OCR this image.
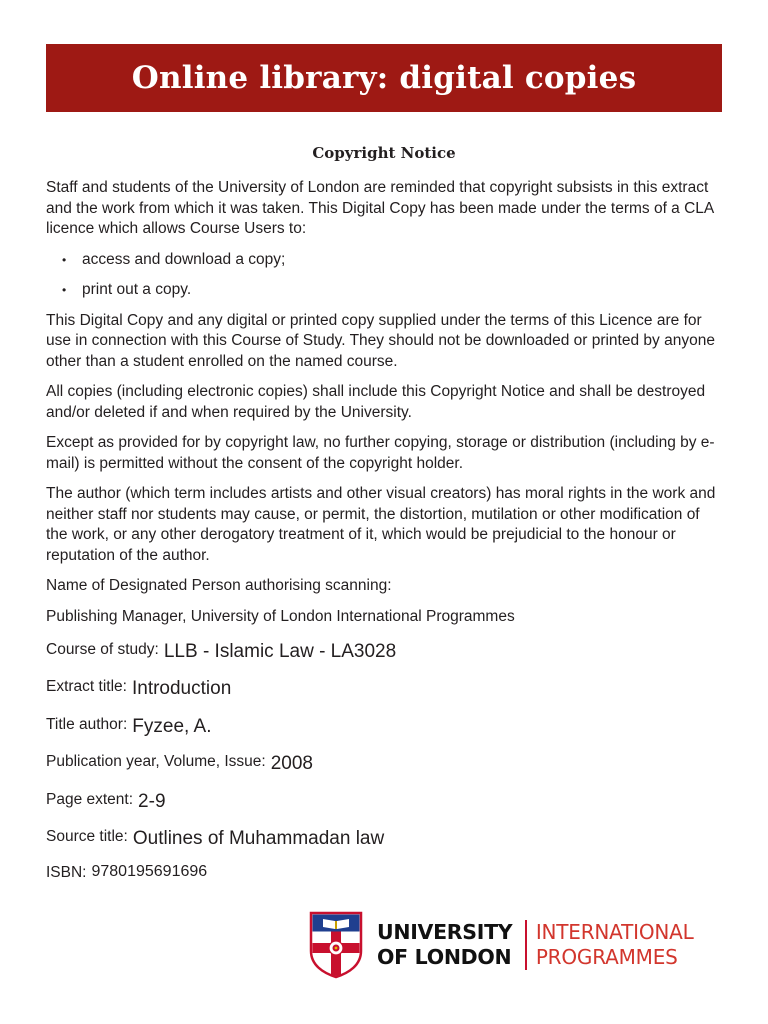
Online library: digital copies
Copyright Notice

Staff and students of the University of London are reminded that copyright subsists in this extract and the work from which it was taken. This Digital Copy has been made under the terms of a CLA licence which allows Course Users to:

• access and download a copy;
• print out a copy.

This Digital Copy and any digital or printed copy supplied under the terms of this Licence are for use in connection with this Course of Study. They should not be downloaded or printed by anyone other than a student enrolled on the named course.

All copies (including electronic copies) shall include this Copyright Notice and shall be destroyed and/or deleted if and when required by the University.

Except as provided for by copyright law, no further copying, storage or distribution (including by e-mail) is permitted without the consent of the copyright holder.

The author (which term includes artists and other visual creators) has moral rights in the work and neither staff nor students may cause, or permit, the distortion, mutilation or other modification of the work, or any other derogatory treatment of it, which would be prejudicial to the honour or reputation of the author.

Name of Designated Person authorising scanning:

Publishing Manager, University of London International Programmes

Course of study: LLB - Islamic Law - LA3028
Extract title: Introduction
Title author: Fyzee, A.
Publication year, Volume, Issue: 2008
Page extent: 2-9
Source title: Outlines of Muhammadan law
ISBN: 9780195691696
UNIVERSITY
OF LONDON
INTERNATIONAL
PROGRAMMES
